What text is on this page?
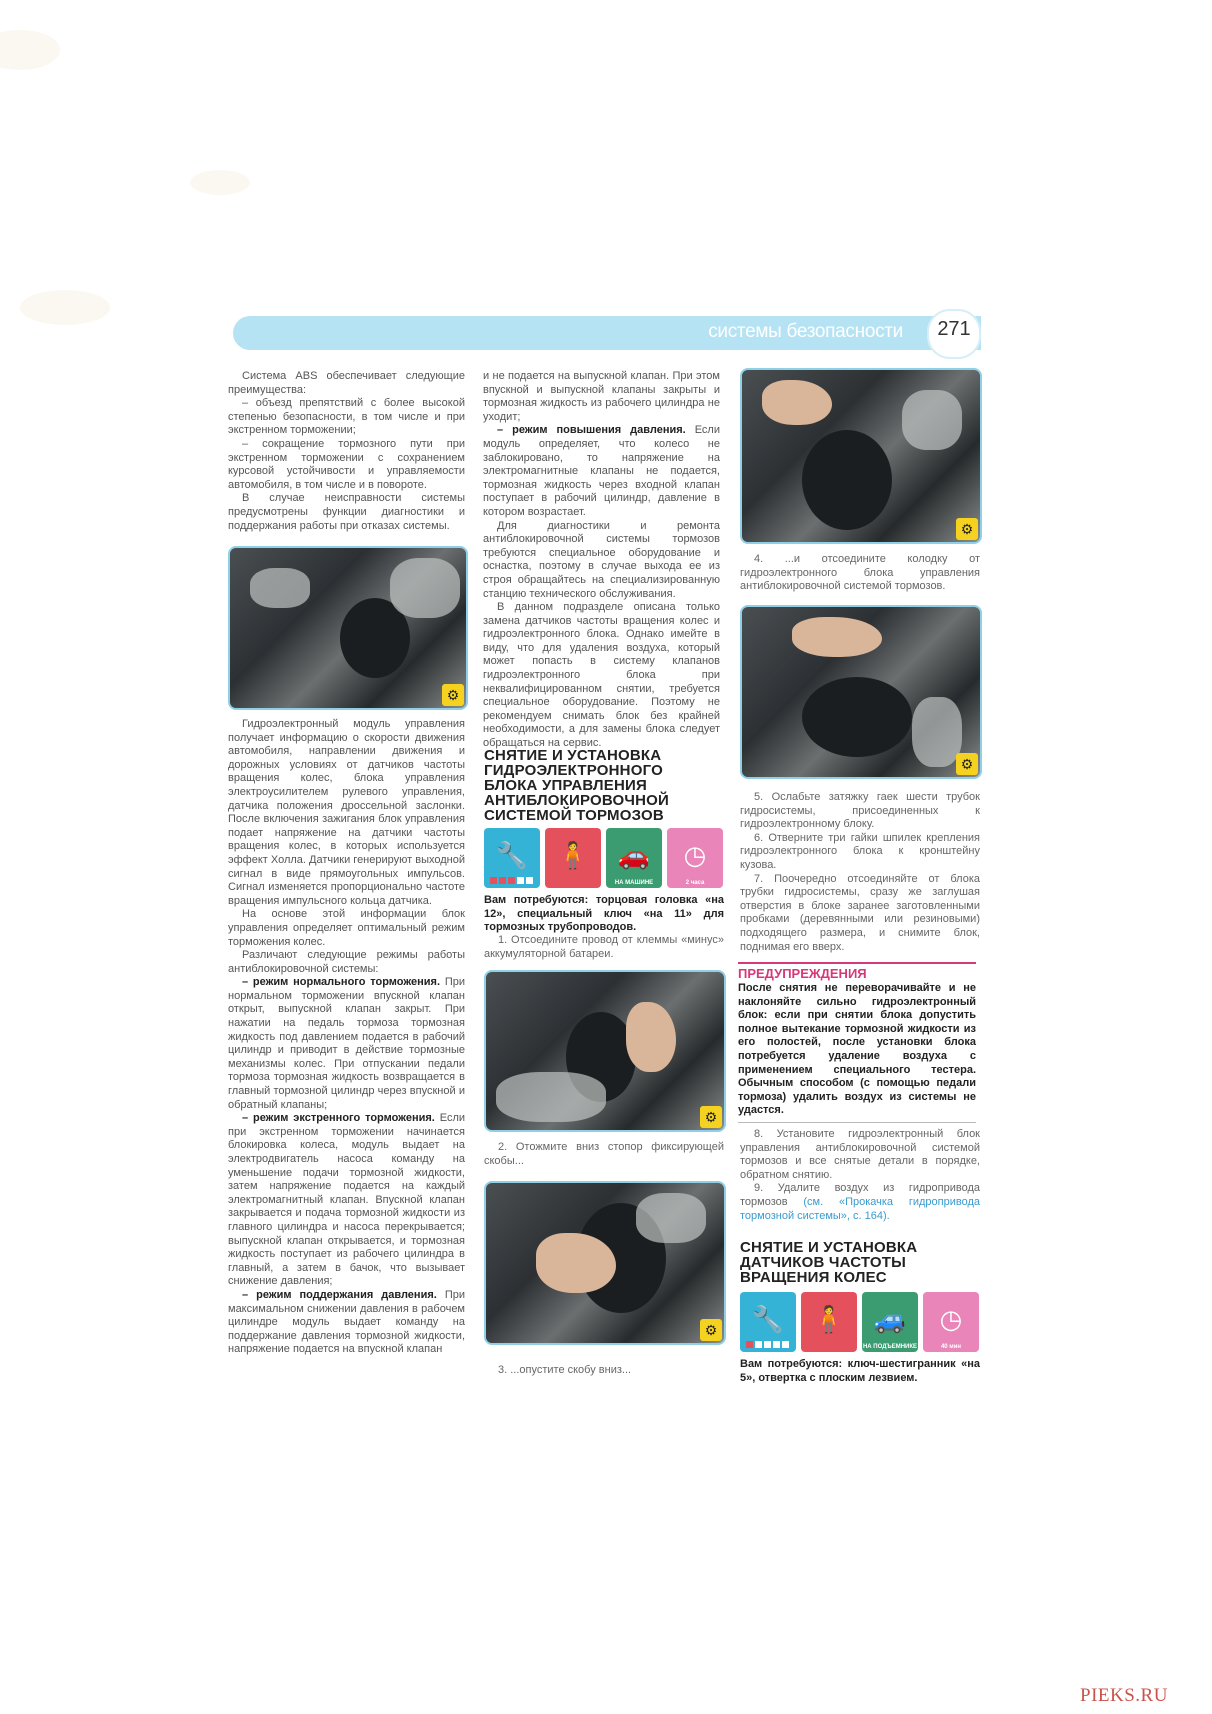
системы безопасности	271

Система ABS обеспечивает следующие преимущества:

– объезд препятствий с более высокой степенью безопасности, в том числе и при экстренном торможении;

– сокращение тормозного пути при экстренном торможении с сохранением курсовой устойчивости и управляемости автомобиля, в том числе и в повороте.

В случае неисправности системы предусмотрены функции диагностики и поддержания работы при отказах системы.

⚙

Гидроэлектронный модуль управления получает информацию о скорости движения автомобиля, направлении движения и дорожных условиях от датчиков частоты вращения колес, блока управления электроусилителем рулевого управления, датчика положения дроссельной заслонки. После включения зажигания блок управления подает напряжение на датчики частоты вращения колес, в которых используется эффект Холла. Датчики генерируют выходной сигнал в виде прямоугольных импульсов. Сигнал изменяется пропорционально частоте вращения импульсного кольца датчика.

На основе этой информации блок управления определяет оптимальный режим торможения колес.

Различают следующие режимы работы антиблокировочной системы:

– режим нормального торможения. При нормальном торможении впускной клапан открыт, выпускной клапан закрыт. При нажатии на педаль тормоза тормозная жидкость под давлением подается в рабочий цилиндр и приводит в действие тормозные механизмы колес. При отпускании педали тормоза тормозная жидкость возвращается в главный тормозной цилиндр через впускной и обратный клапаны;

– режим экстренного торможения. Если при экстренном торможении начинается блокировка колеса, модуль выдает на электродвигатель насоса команду на уменьшение подачи тормозной жидкости, затем напряжение подается на каждый электромагнитный клапан. Впускной клапан закрывается и подача тормозной жидкости из главного цилиндра и насоса перекрывается; выпускной клапан открывается, и тормозная жидкость поступает из рабочего цилиндра в главный, а затем в бачок, что вызывает снижение давления;

– режим поддержания давления. При максимальном снижении давления в рабочем цилиндре модуль выдает команду на поддержание давления тормозной жидкости, напряжение подается на впускной клапан

и не подается на выпускной клапан. При этом впускной и выпускной клапаны закрыты и тормозная жидкость из рабочего цилиндра не уходит;

– режим повышения давления. Если модуль определяет, что колесо не заблокировано, то напряжение на электромагнитные клапаны не подается, тормозная жидкость через входной клапан поступает в рабочий цилиндр, давление в котором возрастает.

Для диагностики и ремонта антиблокировочной системы тормозов требуются специальное оборудование и оснастка, поэтому в случае выхода ее из строя обращайтесь на специализированную станцию технического обслуживания.

В данном подразделе описана только замена датчиков частоты вращения колес и гидроэлектронного блока. Однако имейте в виду, что для удаления воздуха, который может попасть в систему клапанов гидроэлектронного блока при неквалифицированном снятии, требуется специальное оборудование. Поэтому не рекомендуем снимать блок без крайней необходимости, а для замены блока следует обращаться на сервис.

СНЯТИЕ И УСТАНОВКА
ГИДРОЭЛЕКТРОННОГО
БЛОКА УПРАВЛЕНИЯ
АНТИБЛОКИРОВОЧНОЙ
СИСТЕМОЙ ТОРМОЗОВ
🔧	🧍	🚗
НА МАШИНЕ
◷
2 часа
Вам потребуются: торцовая головка «на 12», специальный ключ «на 11» для тормозных трубопроводов.
1. Отсоедините провод от клеммы «минус» аккумуляторной батареи.
⚙
2. Отожмите вниз стопор фиксирующей скобы...
⚙
3. ...опустите скобу вниз...
⚙
4. ...и отсоедините колодку от гидроэлектронного блока управления антиблокировочной системой тормозов.
⚙
5. Ослабьте затяжку гаек шести трубок гидросистемы, присоединенных к гидроэлектронному блоку.
6. Отверните три гайки шпилек крепления гидроэлектронного блока к кронштейну кузова.
7. Поочередно отсоединяйте от блока трубки гидросистемы, сразу же заглушая отверстия в блоке заранее заготовленными пробками (деревянными или резиновыми) подходящего размера, и снимите блок, поднимая его вверх.
ПРЕДУПРЕЖДЕНИЯ
После снятия не переворачивайте и не наклоняйте сильно гидроэлектронный блок: если при снятии блока допустить полное вытекание тормозной жидкости из его полостей, после установки блока потребуется удаление воздуха с применением специального тестера. Обычным способом (с помощью педали тормоза) удалить воздух из системы не удастся.
8. Установите гидроэлектронный блок управления антиблокировочной системой тормозов и все снятые детали в порядке, обратном снятию.
9. Удалите воздух из гидропривода тормозов (см. «Прокачка гидропривода тормозной системы», с. 164).
СНЯТИЕ И УСТАНОВКА
ДАТЧИКОВ ЧАСТОТЫ
ВРАЩЕНИЯ КОЛЕС
🔧	🧍	🚙
НА ПОДЪЕМНИКЕ
◷
40 мин
Вам потребуются: ключ-шестигранник «на 5», отвертка с плоским лезвием.
PIEKS.RU
